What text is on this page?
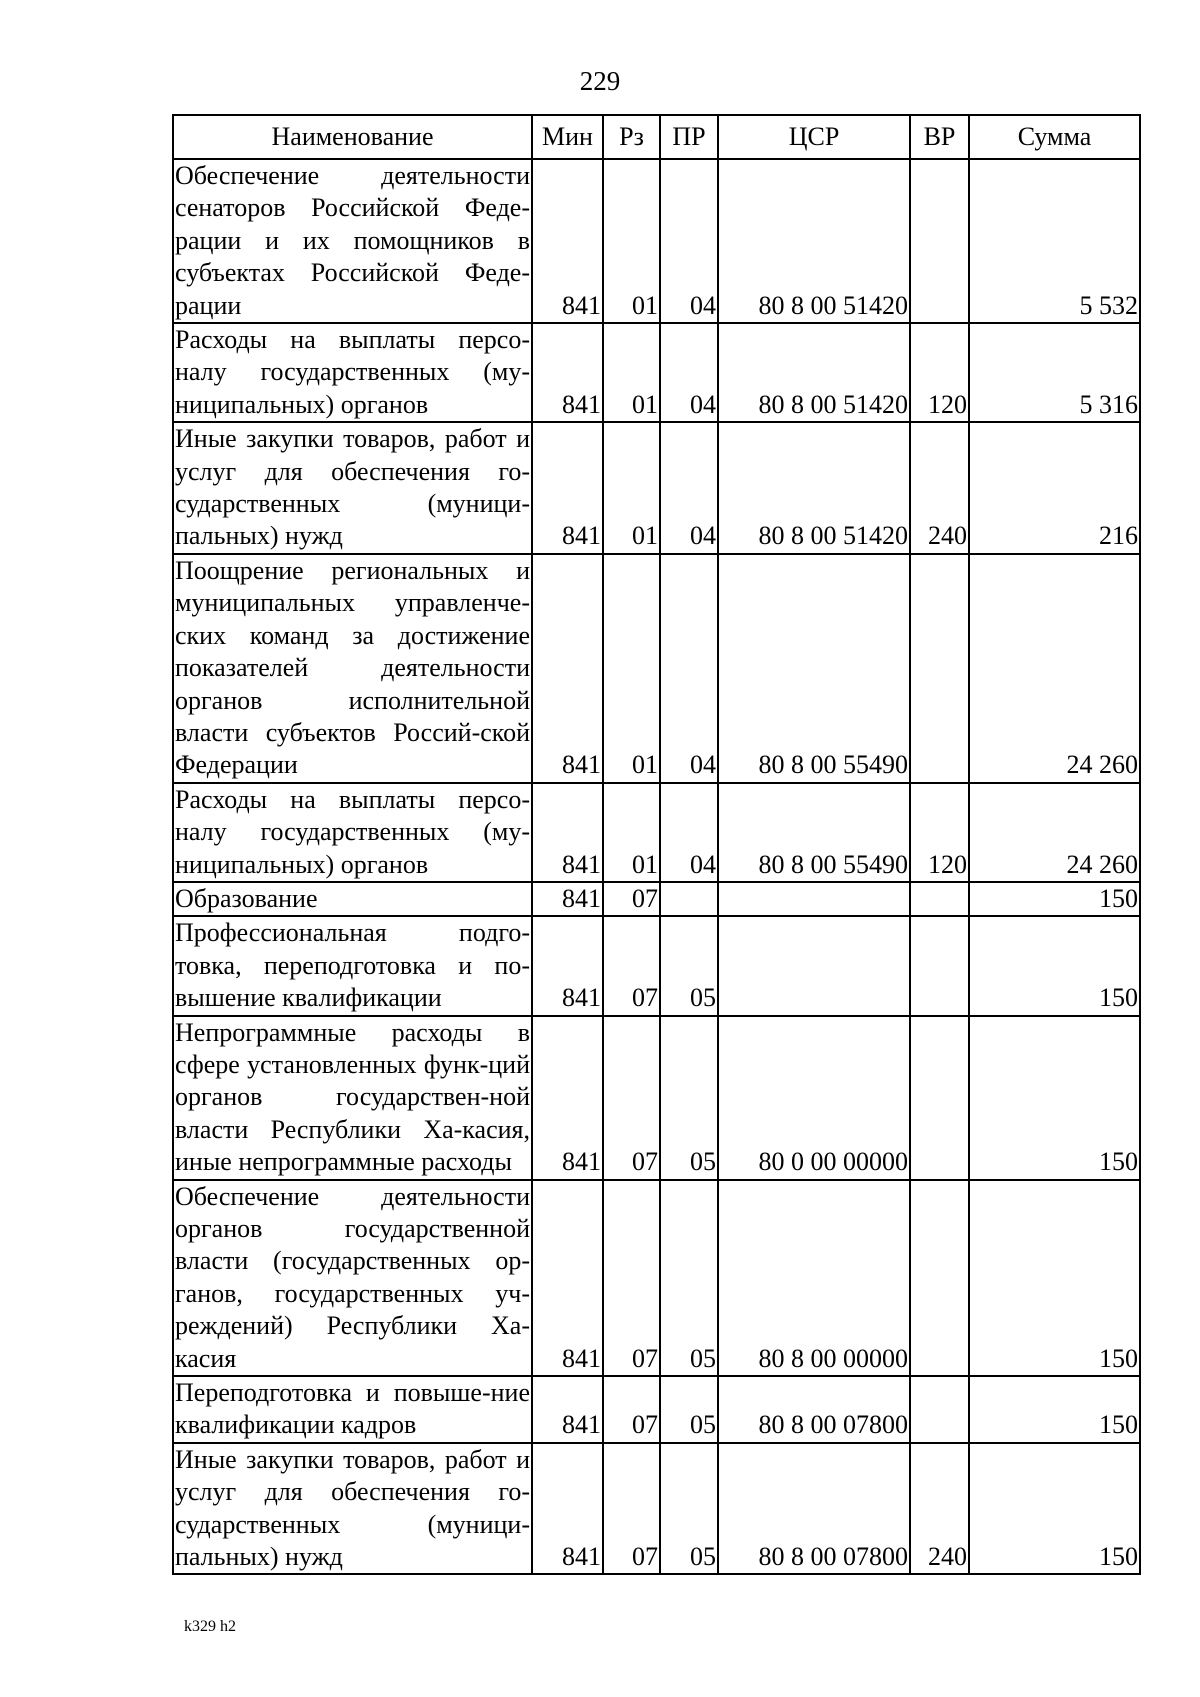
229
Наименование	Мин	Рз	ПР	ЦСР	ВР	Сумма
Обеспечение деятельности сенаторов Российской Феде-рации и их помощников в субъектах Российской Феде-рации	841	01	04	80 8 00 51420		5 532
Расходы на выплаты персо-налу государственных (му-ниципальных) органов	841	01	04	80 8 00 51420	120	5 316
Иные закупки товаров, работ и услуг для обеспечения го-сударственных (муници-пальных) нужд	841	01	04	80 8 00 51420	240	216
Поощрение региональных и муниципальных управленче-ских команд за достижение показателей деятельности органов исполнительной власти субъектов Россий-ской Федерации	841	01	04	80 8 00 55490		24 260
Расходы на выплаты персо-налу государственных (му-ниципальных) органов	841	01	04	80 8 00 55490	120	24 260
Образование	841	07				150
Профессиональная подго-товка, переподготовка и по-вышение квалификации	841	07	05			150
Непрограммные расходы в сфере установленных функ-ций органов государствен-ной власти Республики Ха-касия, иные непрограммные расходы	841	07	05	80 0 00 00000		150
Обеспечение деятельности органов государственной власти (государственных ор-ганов, государственных уч-реждений) Республики Ха-касия	841	07	05	80 8 00 00000		150
Переподготовка и повыше-ние квалификации кадров	841	07	05	80 8 00 07800		150
Иные закупки товаров, работ и услуг для обеспечения го-сударственных (муници-пальных) нужд	841	07	05	80 8 00 07800	240	150
k329 h2
